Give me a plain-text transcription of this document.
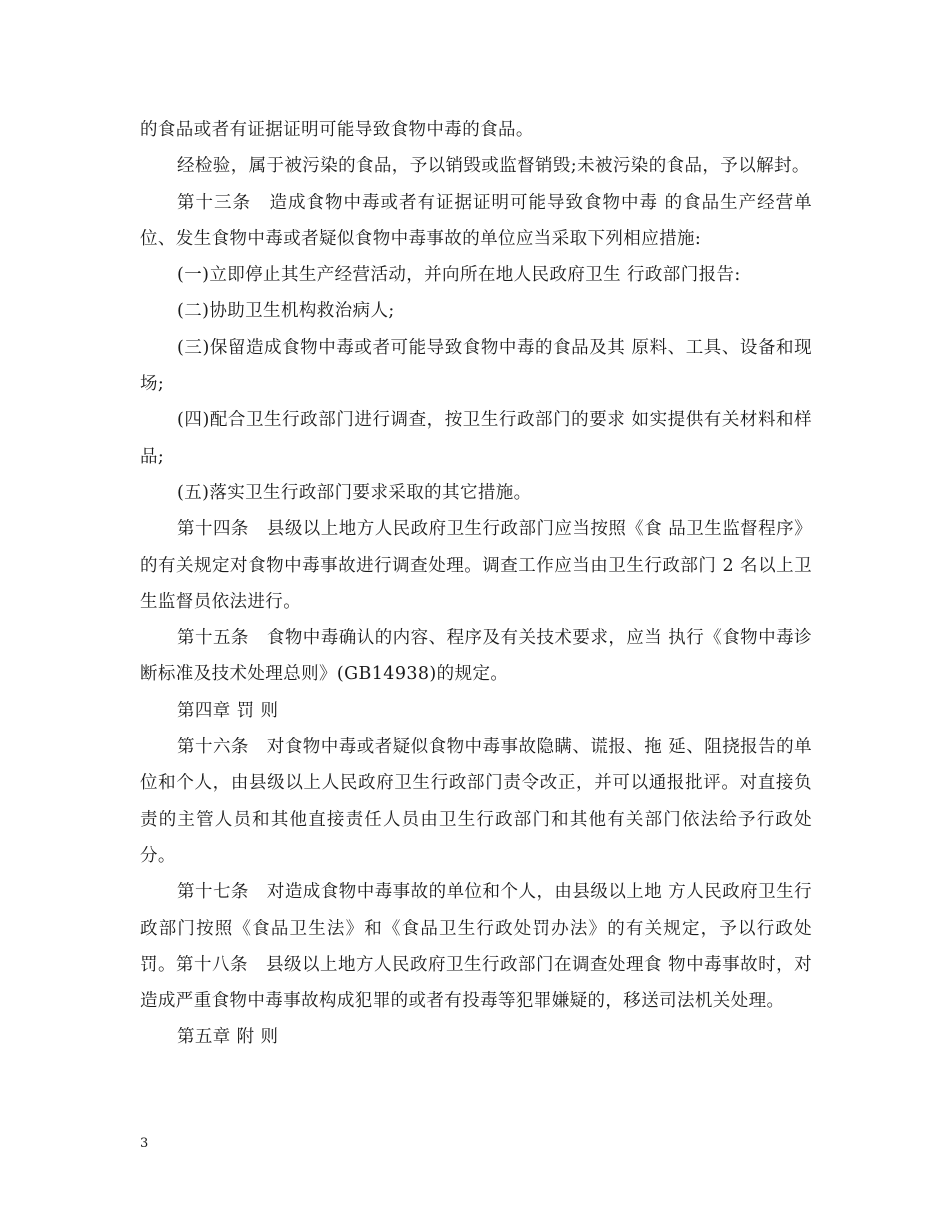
的食品或者有证据证明可能导致食物中毒的食品。

经检验，属于被污染的食品，予以销毁或监督销毁;未被污染的食品，予以解封。

第十三条　造成食物中毒或者有证据证明可能导致食物中毒 的食品生产经营单位、发生食物中毒或者疑似食物中毒事故的单位应当采取下列相应措施:

(一)立即停止其生产经营活动，并向所在地人民政府卫生 行政部门报告:

(二)协助卫生机构救治病人;

(三)保留造成食物中毒或者可能导致食物中毒的食品及其 原料、工具、设备和现场;

(四)配合卫生行政部门进行调查，按卫生行政部门的要求 如实提供有关材料和样品;

(五)落实卫生行政部门要求采取的其它措施。

第十四条　县级以上地方人民政府卫生行政部门应当按照《食 品卫生监督程序》的有关规定对食物中毒事故进行调查处理。调查工作应当由卫生行政部门 2 名以上卫生监督员依法进行。

第十五条　食物中毒确认的内容、程序及有关技术要求，应当 执行《食物中毒诊断标准及技术处理总则》(GB14938)的规定。

第四章 罚 则

第十六条　对食物中毒或者疑似食物中毒事故隐瞒、谎报、拖 延、阻挠报告的单位和个人，由县级以上人民政府卫生行政部门责令改正，并可以通报批评。对直接负责的主管人员和其他直接责任人员由卫生行政部门和其他有关部门依法给予行政处分。

第十七条　对造成食物中毒事故的单位和个人，由县级以上地 方人民政府卫生行政部门按照《食品卫生法》和《食品卫生行政处罚办法》的有关规定，予以行政处罚。第十八条　县级以上地方人民政府卫生行政部门在调查处理食 物中毒事故时，对造成严重食物中毒事故构成犯罪的或者有投毒等犯罪嫌疑的，移送司法机关处理。

第五章 附 则

3
